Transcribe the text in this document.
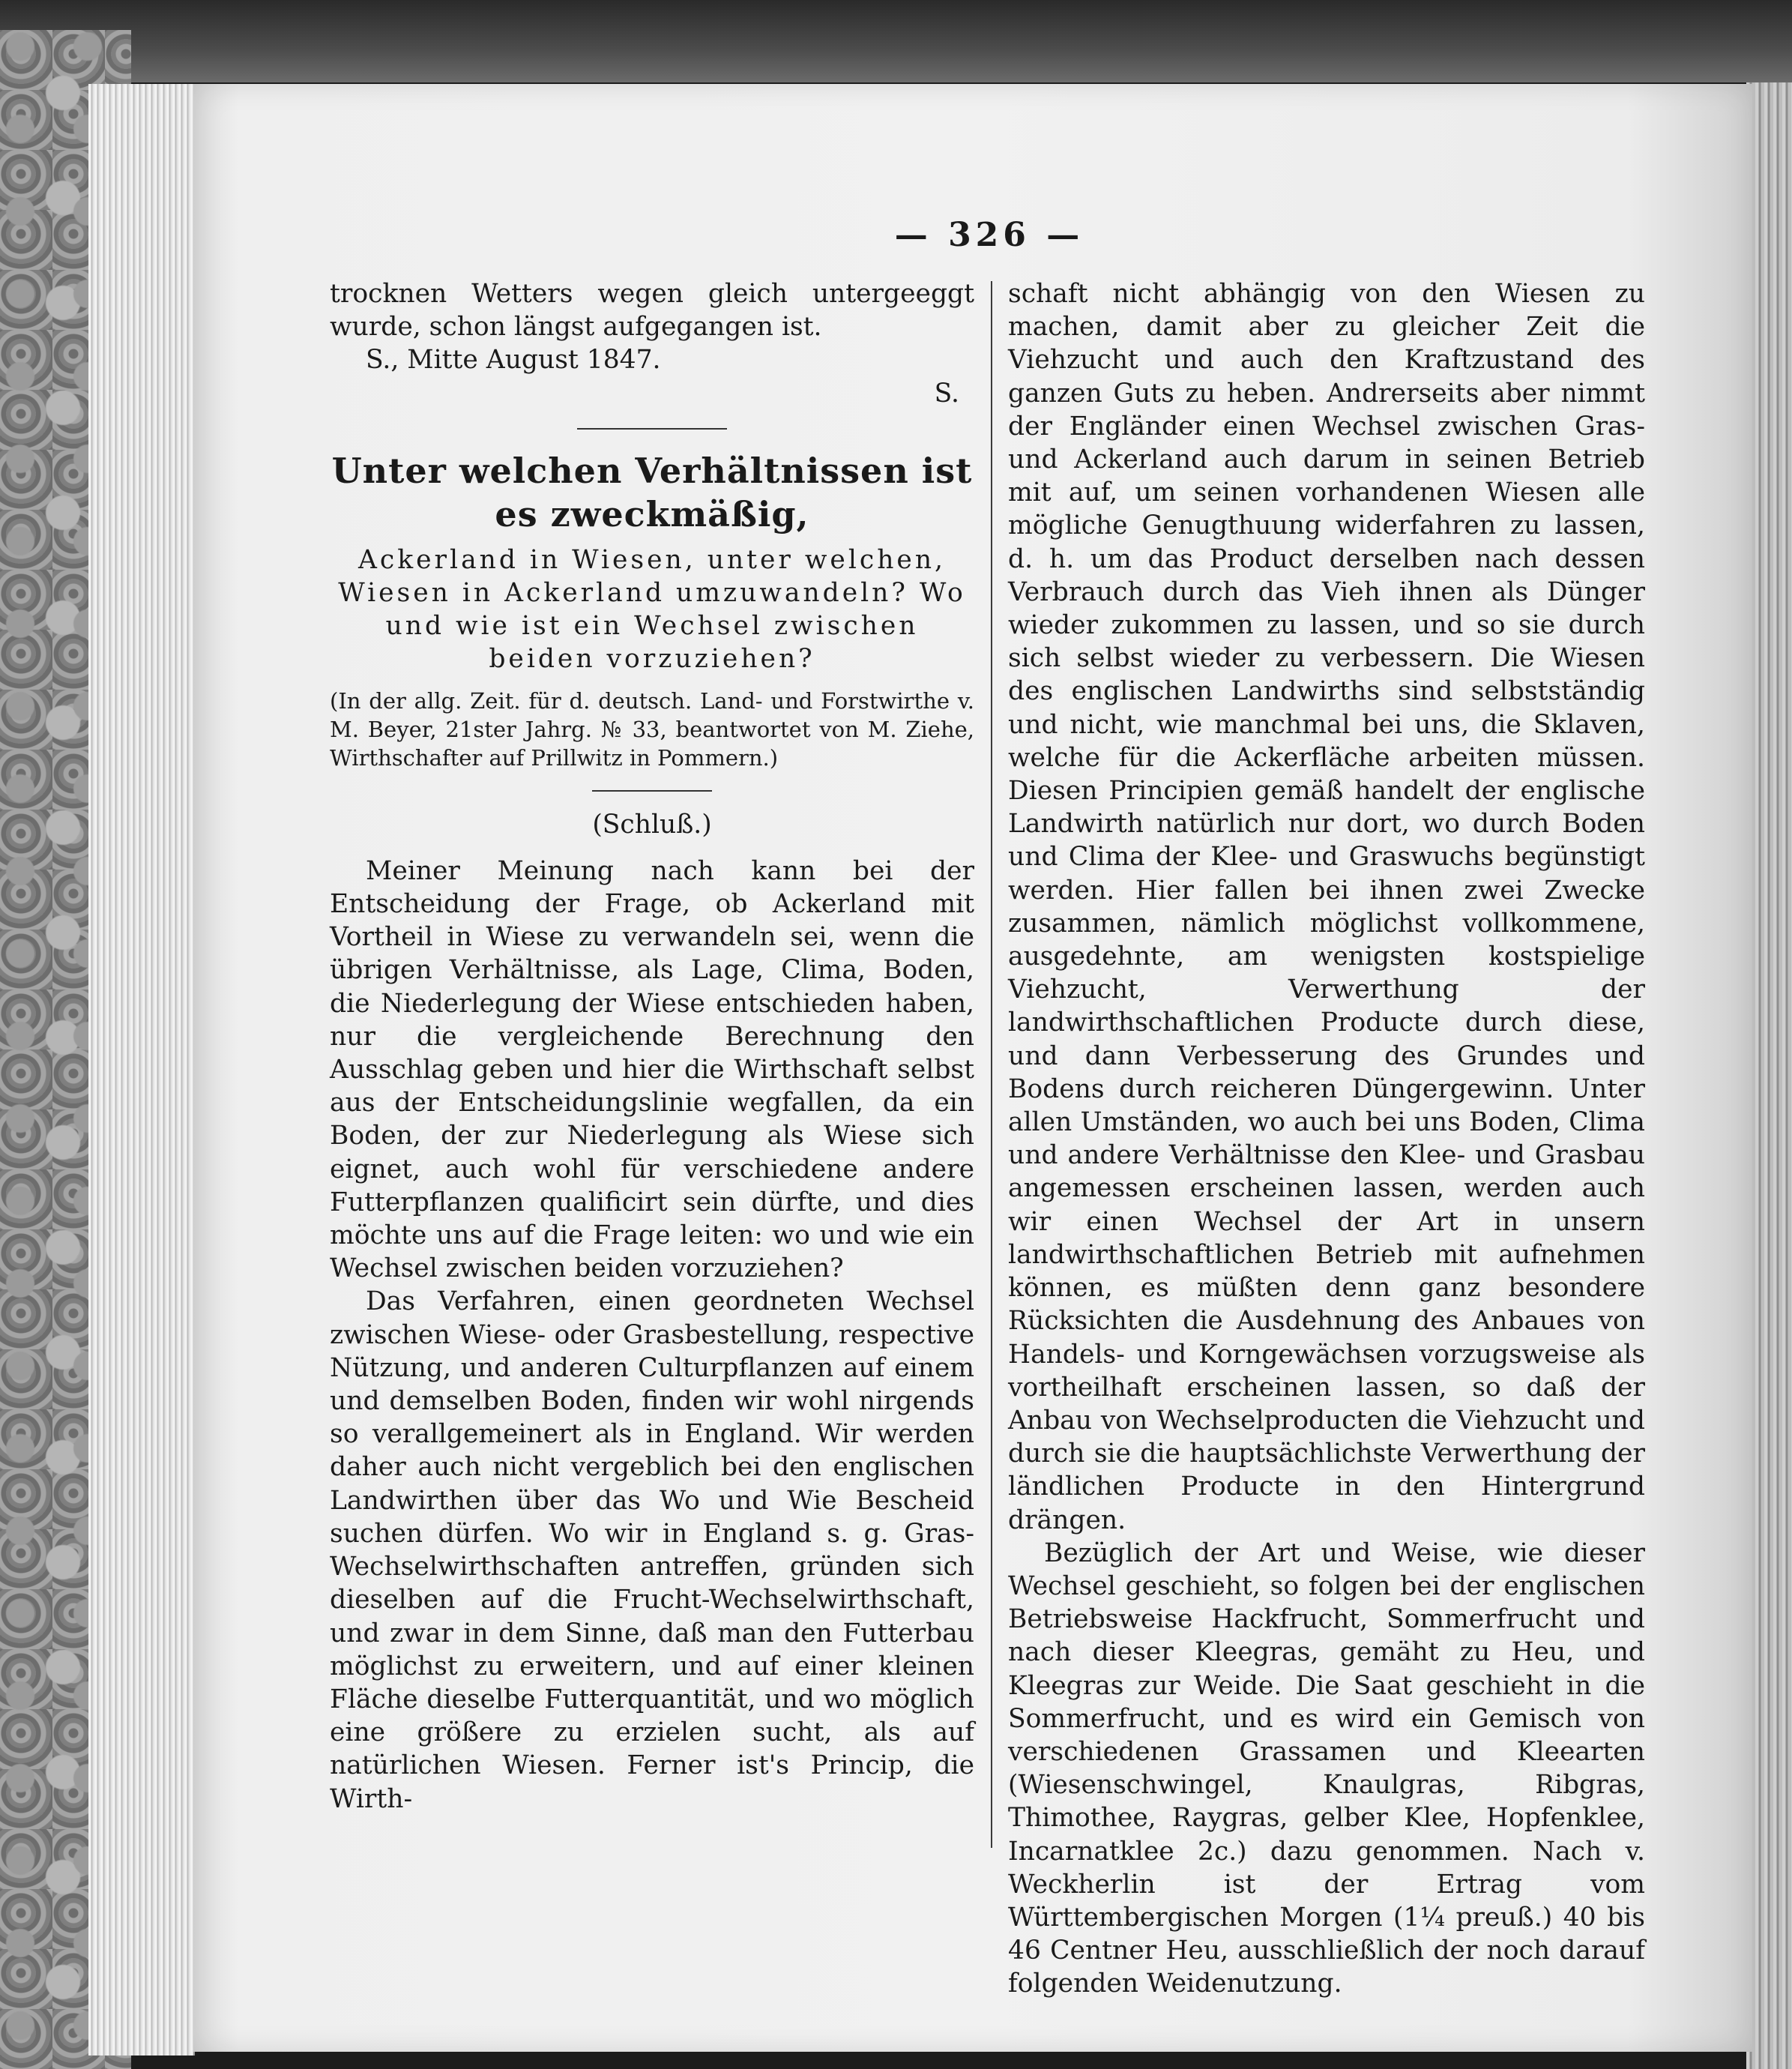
— 326 —

trocknen Wetters wegen gleich untergeeggt wurde, schon längst aufgegangen ist.

S., Mitte August 1847.

S.

Unter welchen Verhältnissen ist es zweckmäßig,
Ackerland in Wiesen, unter welchen, Wiesen in Ackerland umzuwandeln? Wo und wie ist ein Wechsel zwischen beiden vorzuziehen?

(In der allg. Zeit. für d. deutsch. Land- und Forstwirthe v. M. Beyer, 21ster Jahrg. № 33, beantwortet von M. Ziehe, Wirthschafter auf Prillwitz in Pommern.)

(Schluß.)

Meiner Meinung nach kann bei der Entscheidung der Frage, ob Ackerland mit Vortheil in Wiese zu verwandeln sei, wenn die übrigen Verhältnisse, als Lage, Clima, Boden, die Niederlegung der Wiese entschieden haben, nur die vergleichende Berechnung den Ausschlag geben und hier die Wirthschaft selbst aus der Entscheidungslinie wegfallen, da ein Boden, der zur Niederlegung als Wiese sich eignet, auch wohl für verschiedene andere Futterpflanzen qualificirt sein dürfte, und dies möchte uns auf die Frage leiten: wo und wie ein Wechsel zwischen beiden vorzuziehen?

Das Verfahren, einen geordneten Wechsel zwischen Wiese- oder Grasbestellung, respective Nützung, und anderen Culturpflanzen auf einem und demselben Boden, finden wir wohl nirgends so verallgemeinert als in England. Wir werden daher auch nicht vergeblich bei den englischen Landwirthen über das Wo und Wie Bescheid suchen dürfen. Wo wir in England s. g. Gras-Wechselwirthschaften antreffen, gründen sich dieselben auf die Frucht-Wechselwirthschaft, und zwar in dem Sinne, daß man den Futterbau möglichst zu erweitern, und auf einer kleinen Fläche dieselbe Futterquantität, und wo möglich eine größere zu erzielen sucht, als auf natürlichen Wiesen. Ferner ist's Princip, die Wirth-

schaft nicht abhängig von den Wiesen zu machen, damit aber zu gleicher Zeit die Viehzucht und auch den Kraftzustand des ganzen Guts zu heben. Andrerseits aber nimmt der Engländer einen Wechsel zwischen Gras- und Ackerland auch darum in seinen Betrieb mit auf, um seinen vorhandenen Wiesen alle mögliche Genugthuung widerfahren zu lassen, d. h. um das Product derselben nach dessen Verbrauch durch das Vieh ihnen als Dünger wieder zukommen zu lassen, und so sie durch sich selbst wieder zu verbessern. Die Wiesen des englischen Landwirths sind selbstständig und nicht, wie manchmal bei uns, die Sklaven, welche für die Ackerfläche arbeiten müssen. Diesen Principien gemäß handelt der englische Landwirth natürlich nur dort, wo durch Boden und Clima der Klee- und Graswuchs begünstigt werden. Hier fallen bei ihnen zwei Zwecke zusammen, nämlich möglichst vollkommene, ausgedehnte, am wenigsten kostspielige Viehzucht, Verwerthung der landwirthschaftlichen Producte durch diese, und dann Verbesserung des Grundes und Bodens durch reicheren Düngergewinn. Unter allen Umständen, wo auch bei uns Boden, Clima und andere Verhältnisse den Klee- und Grasbau angemessen erscheinen lassen, werden auch wir einen Wechsel der Art in unsern landwirthschaftlichen Betrieb mit aufnehmen können, es müßten denn ganz besondere Rücksichten die Ausdehnung des Anbaues von Handels- und Korngewächsen vorzugsweise als vortheilhaft erscheinen lassen, so daß der Anbau von Wechselproducten die Viehzucht und durch sie die hauptsächlichste Verwerthung der ländlichen Producte in den Hintergrund drängen.

Bezüglich der Art und Weise, wie dieser Wechsel geschieht, so folgen bei der englischen Betriebsweise Hackfrucht, Sommerfrucht und nach dieser Kleegras, gemäht zu Heu, und Kleegras zur Weide. Die Saat geschieht in die Sommerfrucht, und es wird ein Gemisch von verschiedenen Grassamen und Kleearten (Wiesenschwingel, Knaulgras, Ribgras, Thimothee, Raygras, gelber Klee, Hopfenklee, Incarnatklee 2c.) dazu genommen. Nach v. Weckherlin ist der Ertrag vom Württembergischen Morgen (1¼ preuß.) 40 bis 46 Centner Heu, ausschließlich der noch darauf folgenden Weidenutzung.
